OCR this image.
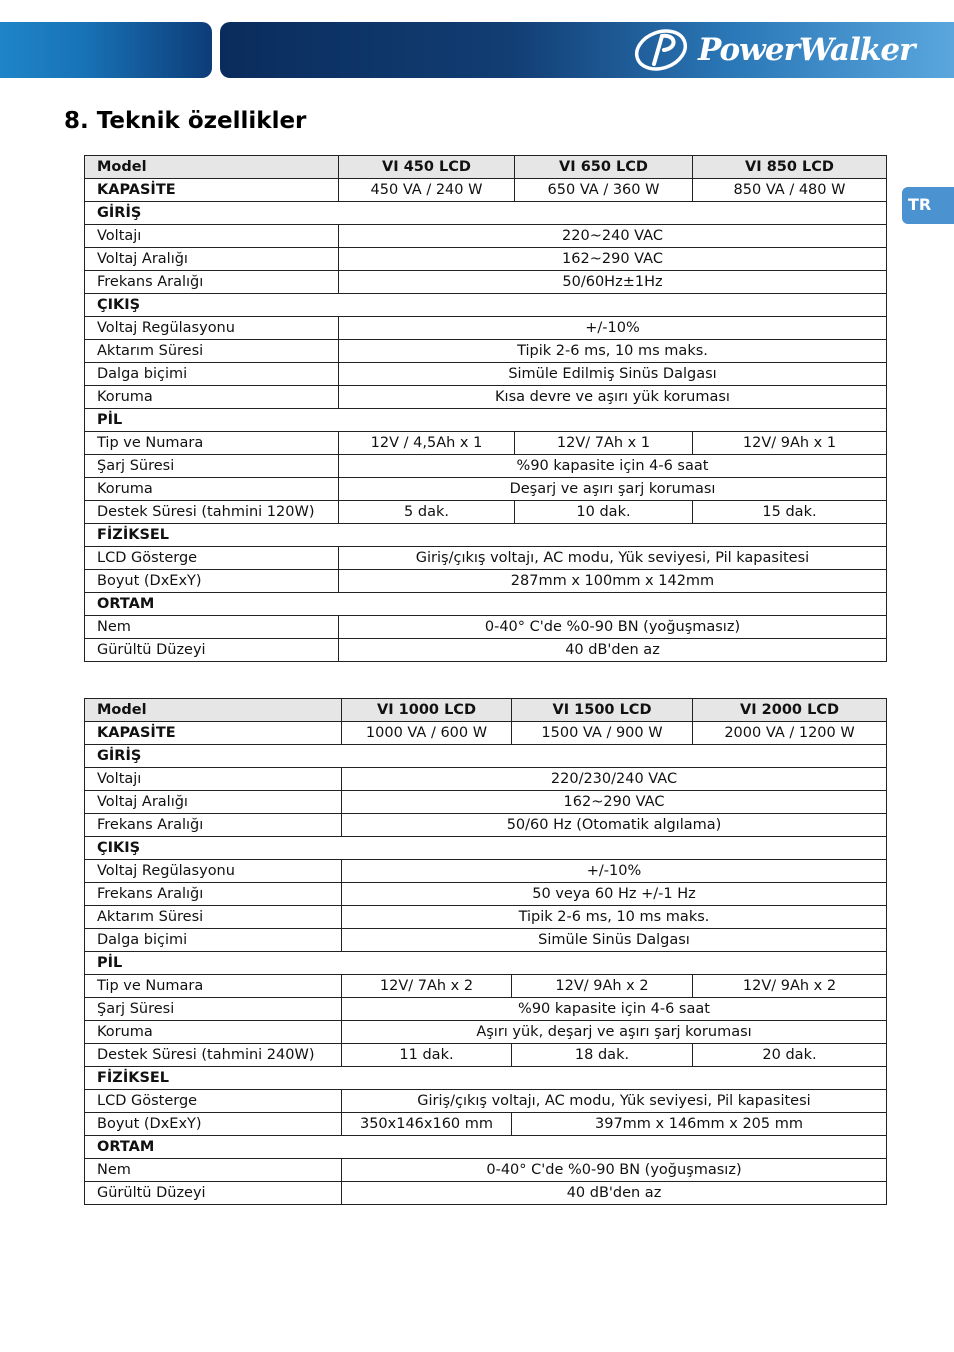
PowerWalker
8. Teknik özellikler
TR
Model	VI 450 LCD	VI 650 LCD	VI 850 LCD
KAPASİTE	450 VA / 240 W	650 VA / 360 W	850 VA / 480 W
GİRİŞ			
Voltajı	220~240 VAC		
Voltaj Aralığı	162~290 VAC		
Frekans Aralığı	50/60Hz±1Hz		
ÇIKIŞ			
Voltaj Regülasyonu	+/-10%		
Aktarım Süresi	Tipik 2-6 ms, 10 ms maks.		
Dalga biçimi	Simüle Edilmiş Sinüs Dalgası		
Koruma	Kısa devre ve aşırı yük koruması		
PİL			
Tip ve Numara	12V / 4,5Ah x 1	12V/ 7Ah x 1	12V/ 9Ah x 1
Şarj Süresi	%90 kapasite için 4-6 saat		
Koruma	Deşarj ve aşırı şarj koruması		
Destek Süresi (tahmini 120W)	5 dak.	10 dak.	15 dak.
FİZİKSEL			
LCD Gösterge	Giriş/çıkış voltajı, AC modu, Yük seviyesi, Pil kapasitesi		
Boyut (DxExY)	287mm x 100mm x 142mm		
ORTAM			
Nem	0-40° C'de %0-90 BN (yoğuşmasız)		
Gürültü Düzeyi	40 dB'den az		
Model	VI 1000 LCD	VI 1500 LCD	VI 2000 LCD
KAPASİTE	1000 VA / 600 W	1500 VA / 900 W	2000 VA / 1200 W
GİRİŞ			
Voltajı	220/230/240 VAC		
Voltaj Aralığı	162~290 VAC		
Frekans Aralığı	50/60 Hz (Otomatik algılama)		
ÇIKIŞ			
Voltaj Regülasyonu	+/-10%		
Frekans Aralığı	50 veya 60 Hz +/-1 Hz		
Aktarım Süresi	Tipik 2-6 ms, 10 ms maks.		
Dalga biçimi	Simüle Sinüs Dalgası		
PİL			
Tip ve Numara	12V/ 7Ah x 2	12V/ 9Ah x 2	12V/ 9Ah x 2
Şarj Süresi	%90 kapasite için 4-6 saat		
Koruma	Aşırı yük, deşarj ve aşırı şarj koruması		
Destek Süresi (tahmini 240W)	11 dak.	18 dak.	20 dak.
FİZİKSEL			
LCD Gösterge	Giriş/çıkış voltajı, AC modu, Yük seviyesi, Pil kapasitesi		
Boyut (DxExY)	350x146x160 mm	397mm x 146mm x 205 mm	
ORTAM			
Nem	0-40° C'de %0-90 BN (yoğuşmasız)		
Gürültü Düzeyi	40 dB'den az		
